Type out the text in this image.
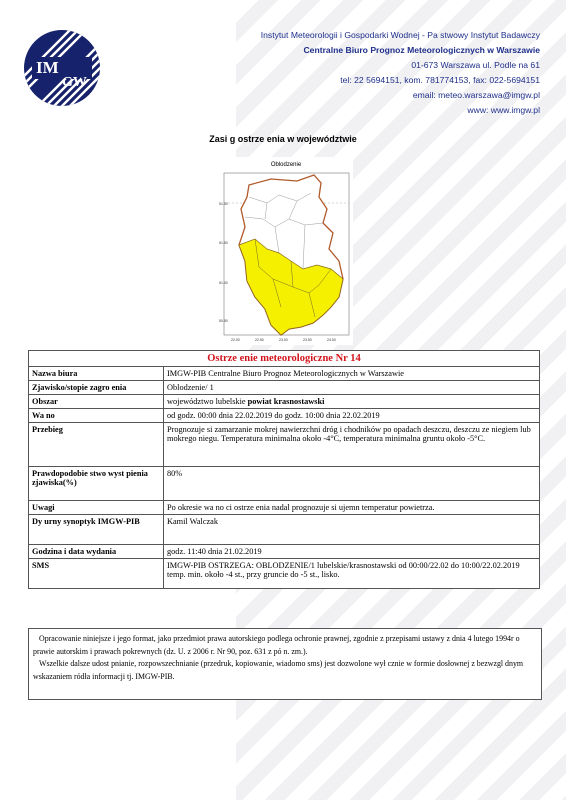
IM
GW
Instytut Meteorologii i Gospodarki Wodnej - Pa stwowy Instytut Badawczy
Centralne Biuro Prognoz Meteorologicznych w Warszawie
01-673 Warszawa ul. Podle na 61
tel: 22 5694151, kom. 781774153, fax: 022-5694151
email: meteo.warszawa@imgw.pl
www: www.imgw.pl
Zasi g ostrze enia w województwie
51.00
51.50
51.00
50.50
22.00	22.50	23.00	23.50	24.00
Oblodzenie
Ostrze enie meteorologiczne Nr 14	
Nazwa biura	IMGW-PIB Centralne Biuro Prognoz Meteorologicznych w Warszawie
Zjawisko/stopie zagro enia	Oblodzenie/ 1
Obszar	województwo lubelskie powiat krasnostawski
Wa no	od godz. 00:00 dnia 22.02.2019 do godz. 10:00 dnia 22.02.2019
Przebieg	Prognozuje si zamarzanie mokrej nawierzchni dróg i chodników po opadach deszczu, deszczu ze niegiem lub mokrego niegu. Temperatura minimalna około -4°C, temperatura minimalna gruntu około -5°C.
Prawdopodobie stwo wyst pienia zjawiska(%)	80%
Uwagi	Po okresie wa no ci ostrze enia nadal prognozuje si ujemn temperatur powietrza.
Dy urny synoptyk IMGW-PIB	Kamil Walczak
Godzina i data wydania	godz. 11:40 dnia 21.02.2019
SMS	IMGW-PIB OSTRZEGA: OBLODZENIE/1 lubelskie/krasnostawski od 00:00/22.02 do 10:00/22.02.2019 temp. min. około -4 st., przy gruncie do -5 st., lisko.

Opracowanie niniejsze i jego format, jako przedmiot prawa autorskiego podlega ochronie prawnej, zgodnie z przepisami ustawy z dnia 4 lutego 1994r o prawie autorskim i prawach pokrewnych (dz. U. z 2006 r. Nr 90, poz. 631 z pó n. zm.).

Wszelkie dalsze udost pnianie, rozpowszechnianie (przedruk, kopiowanie, wiadomo sms) jest dozwolone wył cznie w formie dosłownej z bezwzgl dnym wskazaniem ródła informacji tj. IMGW-PIB.
